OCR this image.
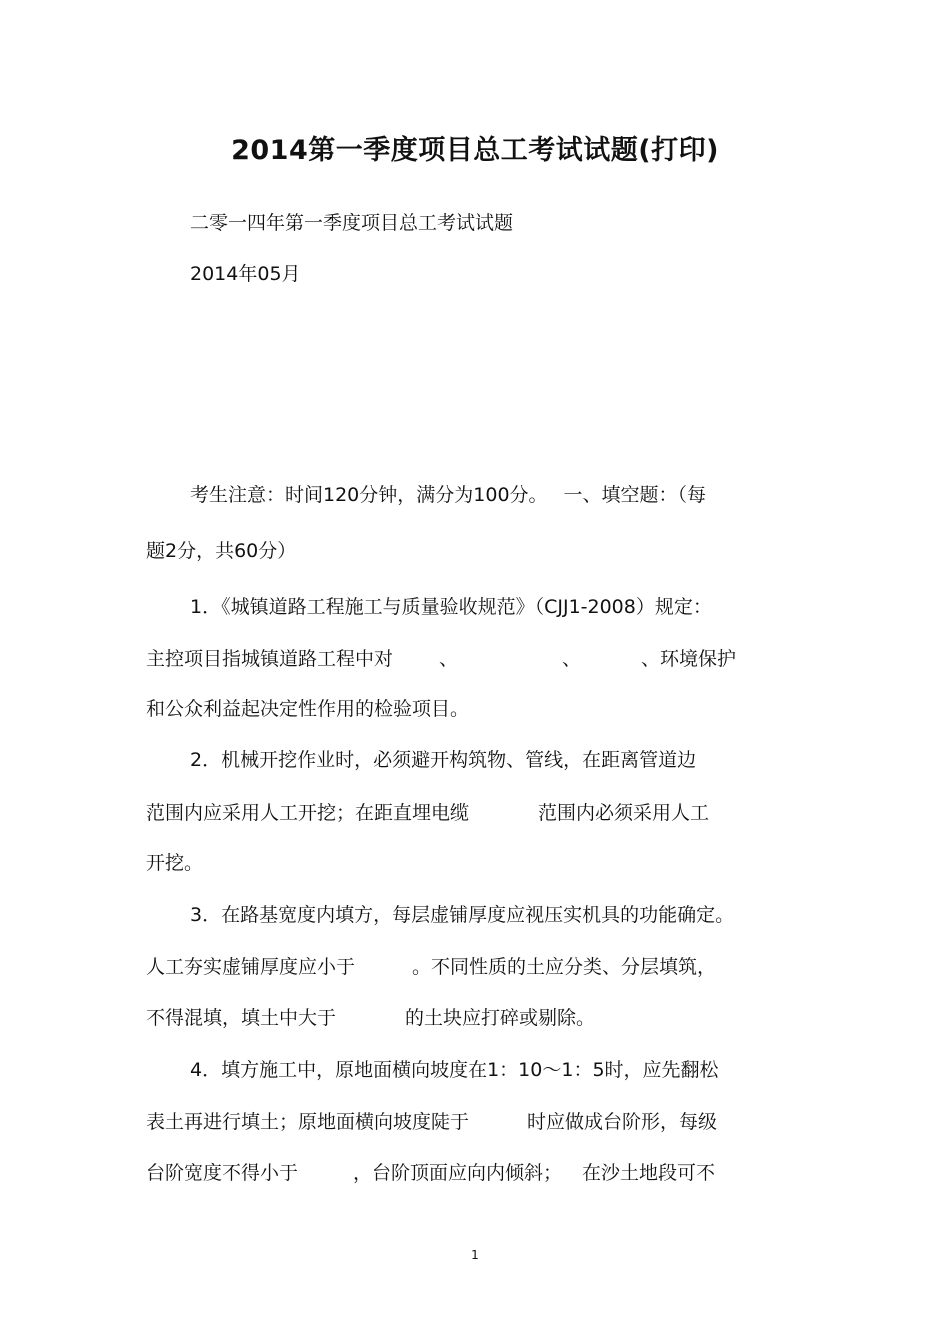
2014第一季度项目总工考试试题(打印)
二零一四年第一季度项目总工考试试题
2014年05月
考生注意：时间120分钟，满分为100分。 一、填空题：（每
题2分，共60分）
1．《城镇道路工程施工与质量验收规范》（CJJ1-2008）规定：
主控项目指城镇道路工程中对 、	、	、环境保护
和公众利益起决定性作用的检验项目。
2．机械开挖作业时，必须避开构筑物、管线，在距离管道边
范围内应采用人工开挖；在距直埋电缆	范围内必须采用人工
开挖。
3．在路基宽度内填方，每层虚铺厚度应视压实机具的功能确定。
人工夯实虚铺厚度应小于	。不同性质的土应分类、分层填筑，
不得混填，填土中大于	的土块应打碎或剔除。
4．填方施工中，原地面横向坡度在1：10～1：5时，应先翻松
表土再进行填土；原地面横向坡度陡于	时应做成台阶形，每级
台阶宽度不得小于	，台阶顶面应向内倾斜； 在沙土地段可不
1
